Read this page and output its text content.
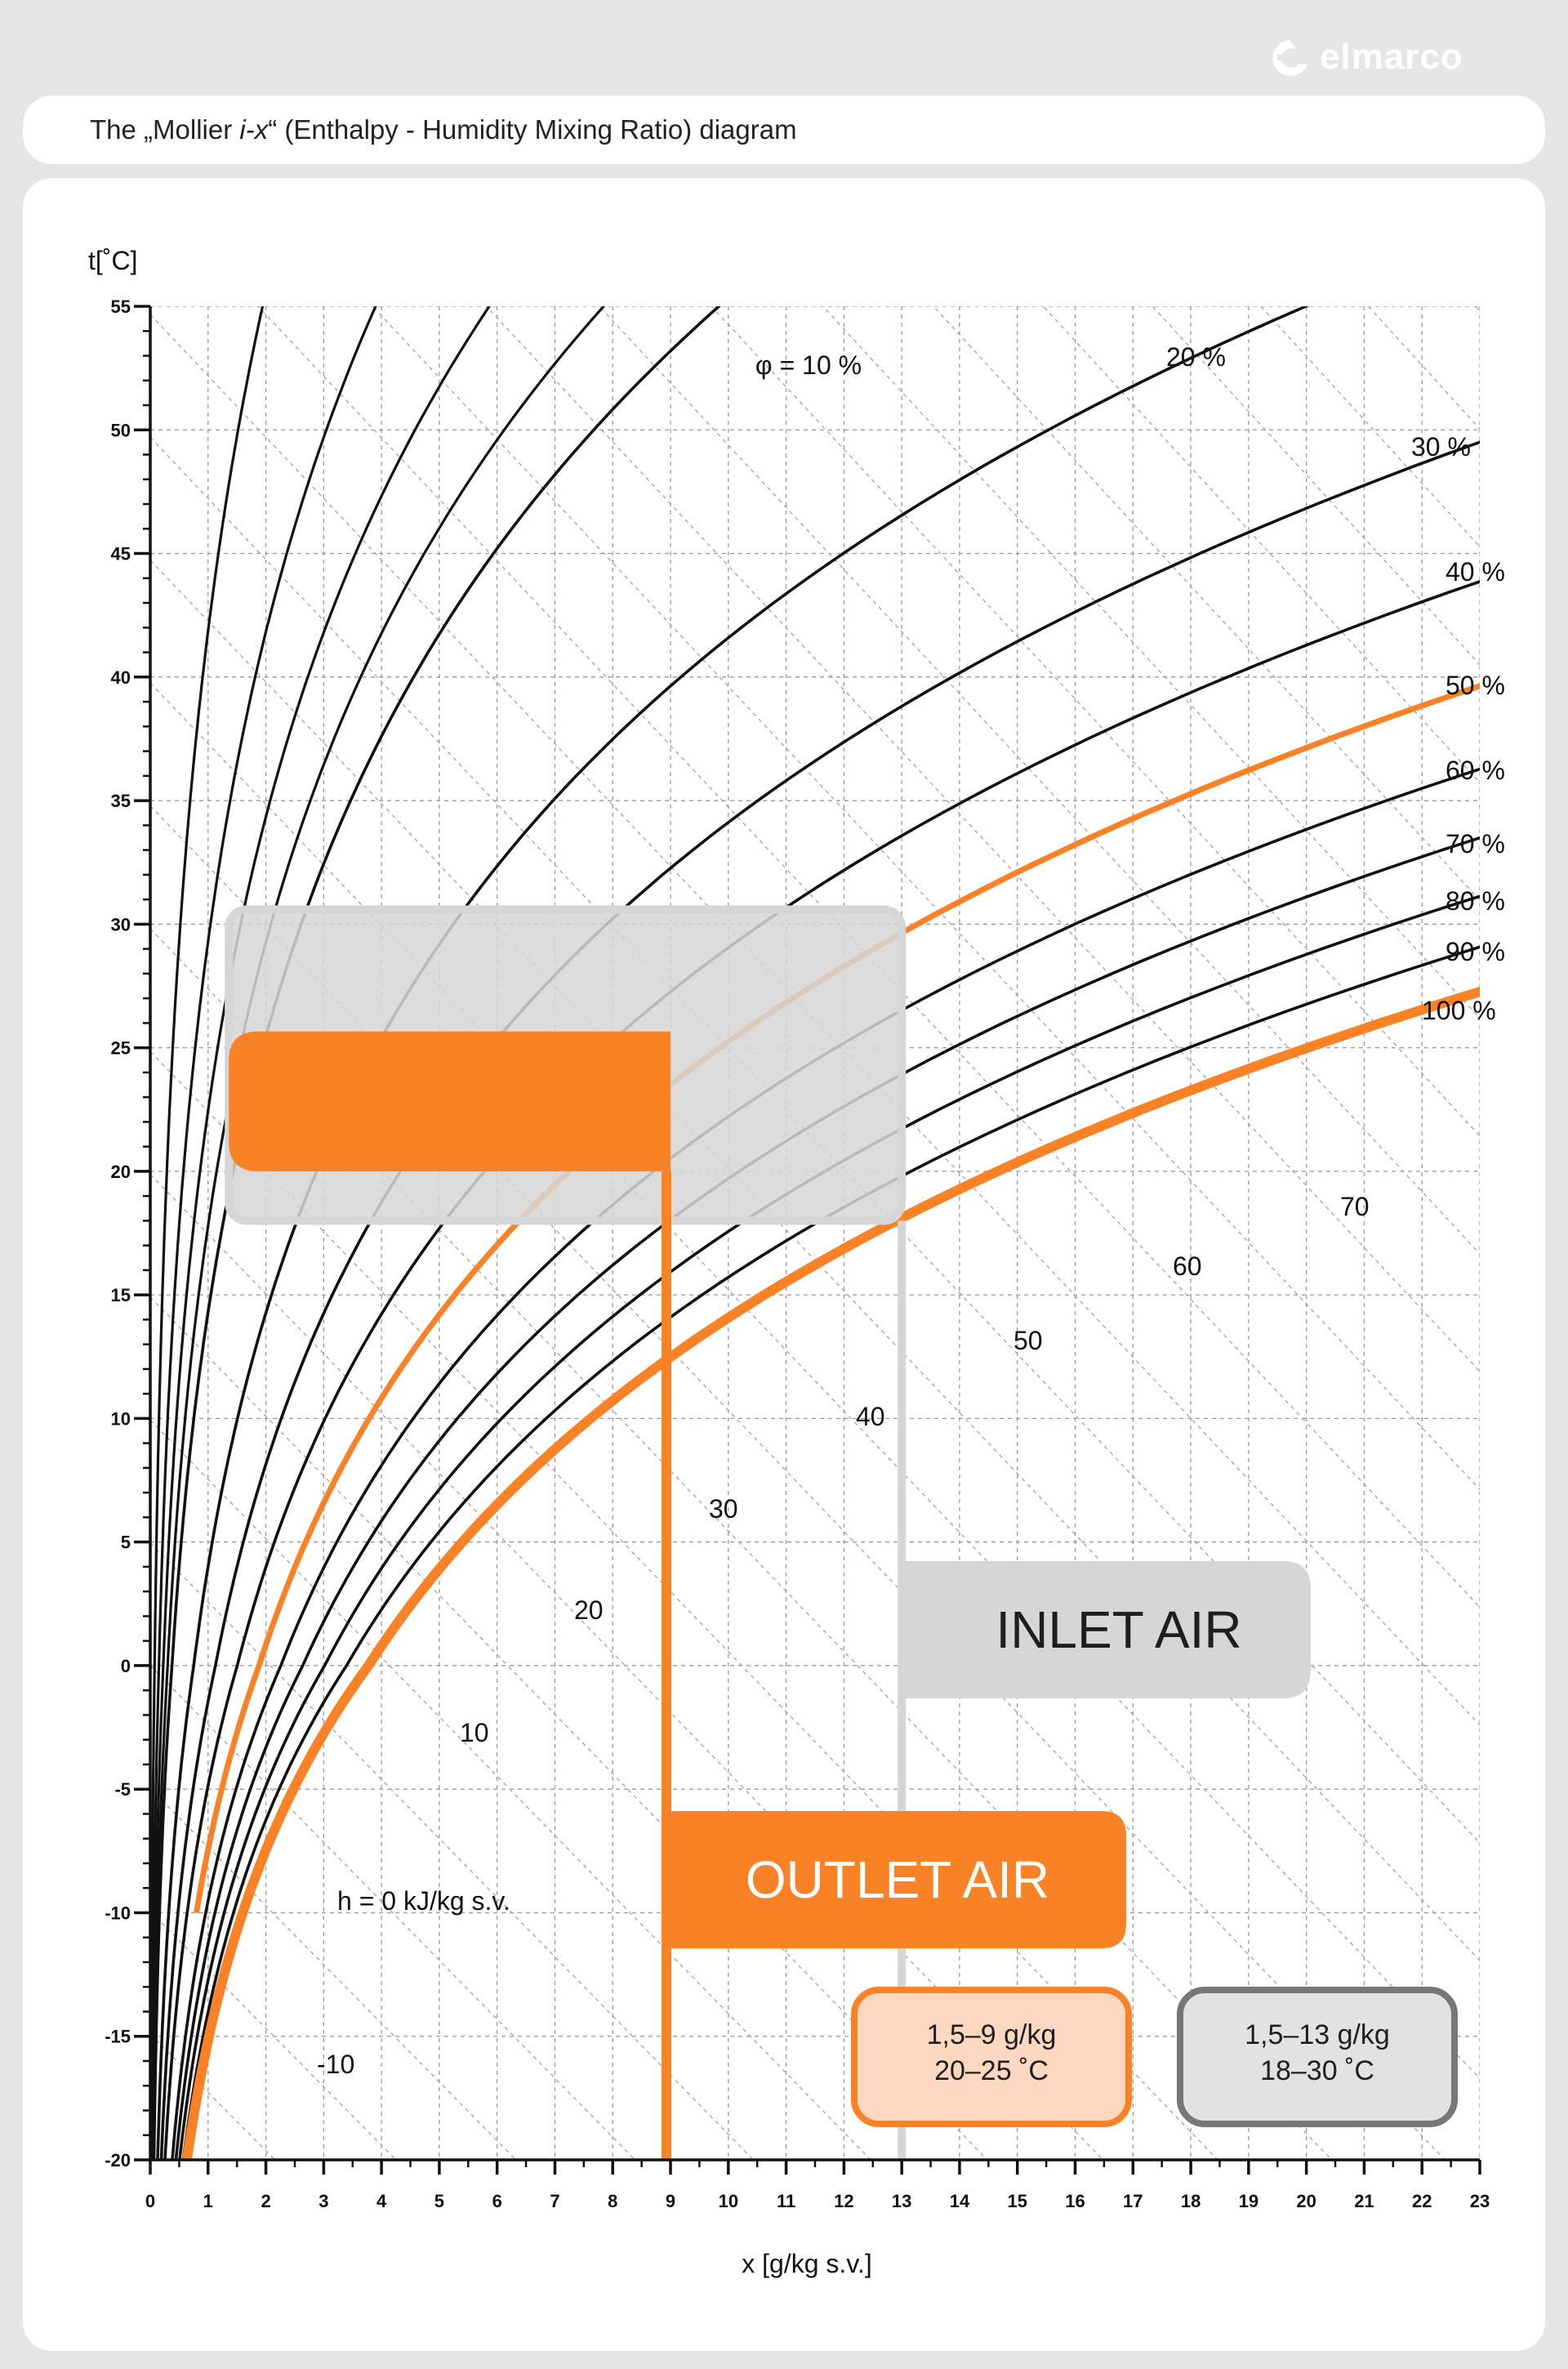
elmarco
The „Mollier i-x“ (Enthalpy - Humidity Mixing Ratio) diagram
φ = 10 %	20 %
30 %
40 %
50 %
60 %
70 %
80 %
90 %
100 %
-10
h = 0 kJ/kg s.v.
10
20
30
40
50
60
70
INLET AIR
OUTLET AIR
1,5–9 g/kg
20–25 ˚C
1,5–13 g/kg
18–30 ˚C
-20
-15
-10
-5
0
5
10
15
20
25
30
35
40
45
50
55
0	1	2	3	4	5	6	7	8	9 10 11 12 13 14 15 16 17 18 19 20 21 22 23
t[˚C]
x [g/kg s.v.]
